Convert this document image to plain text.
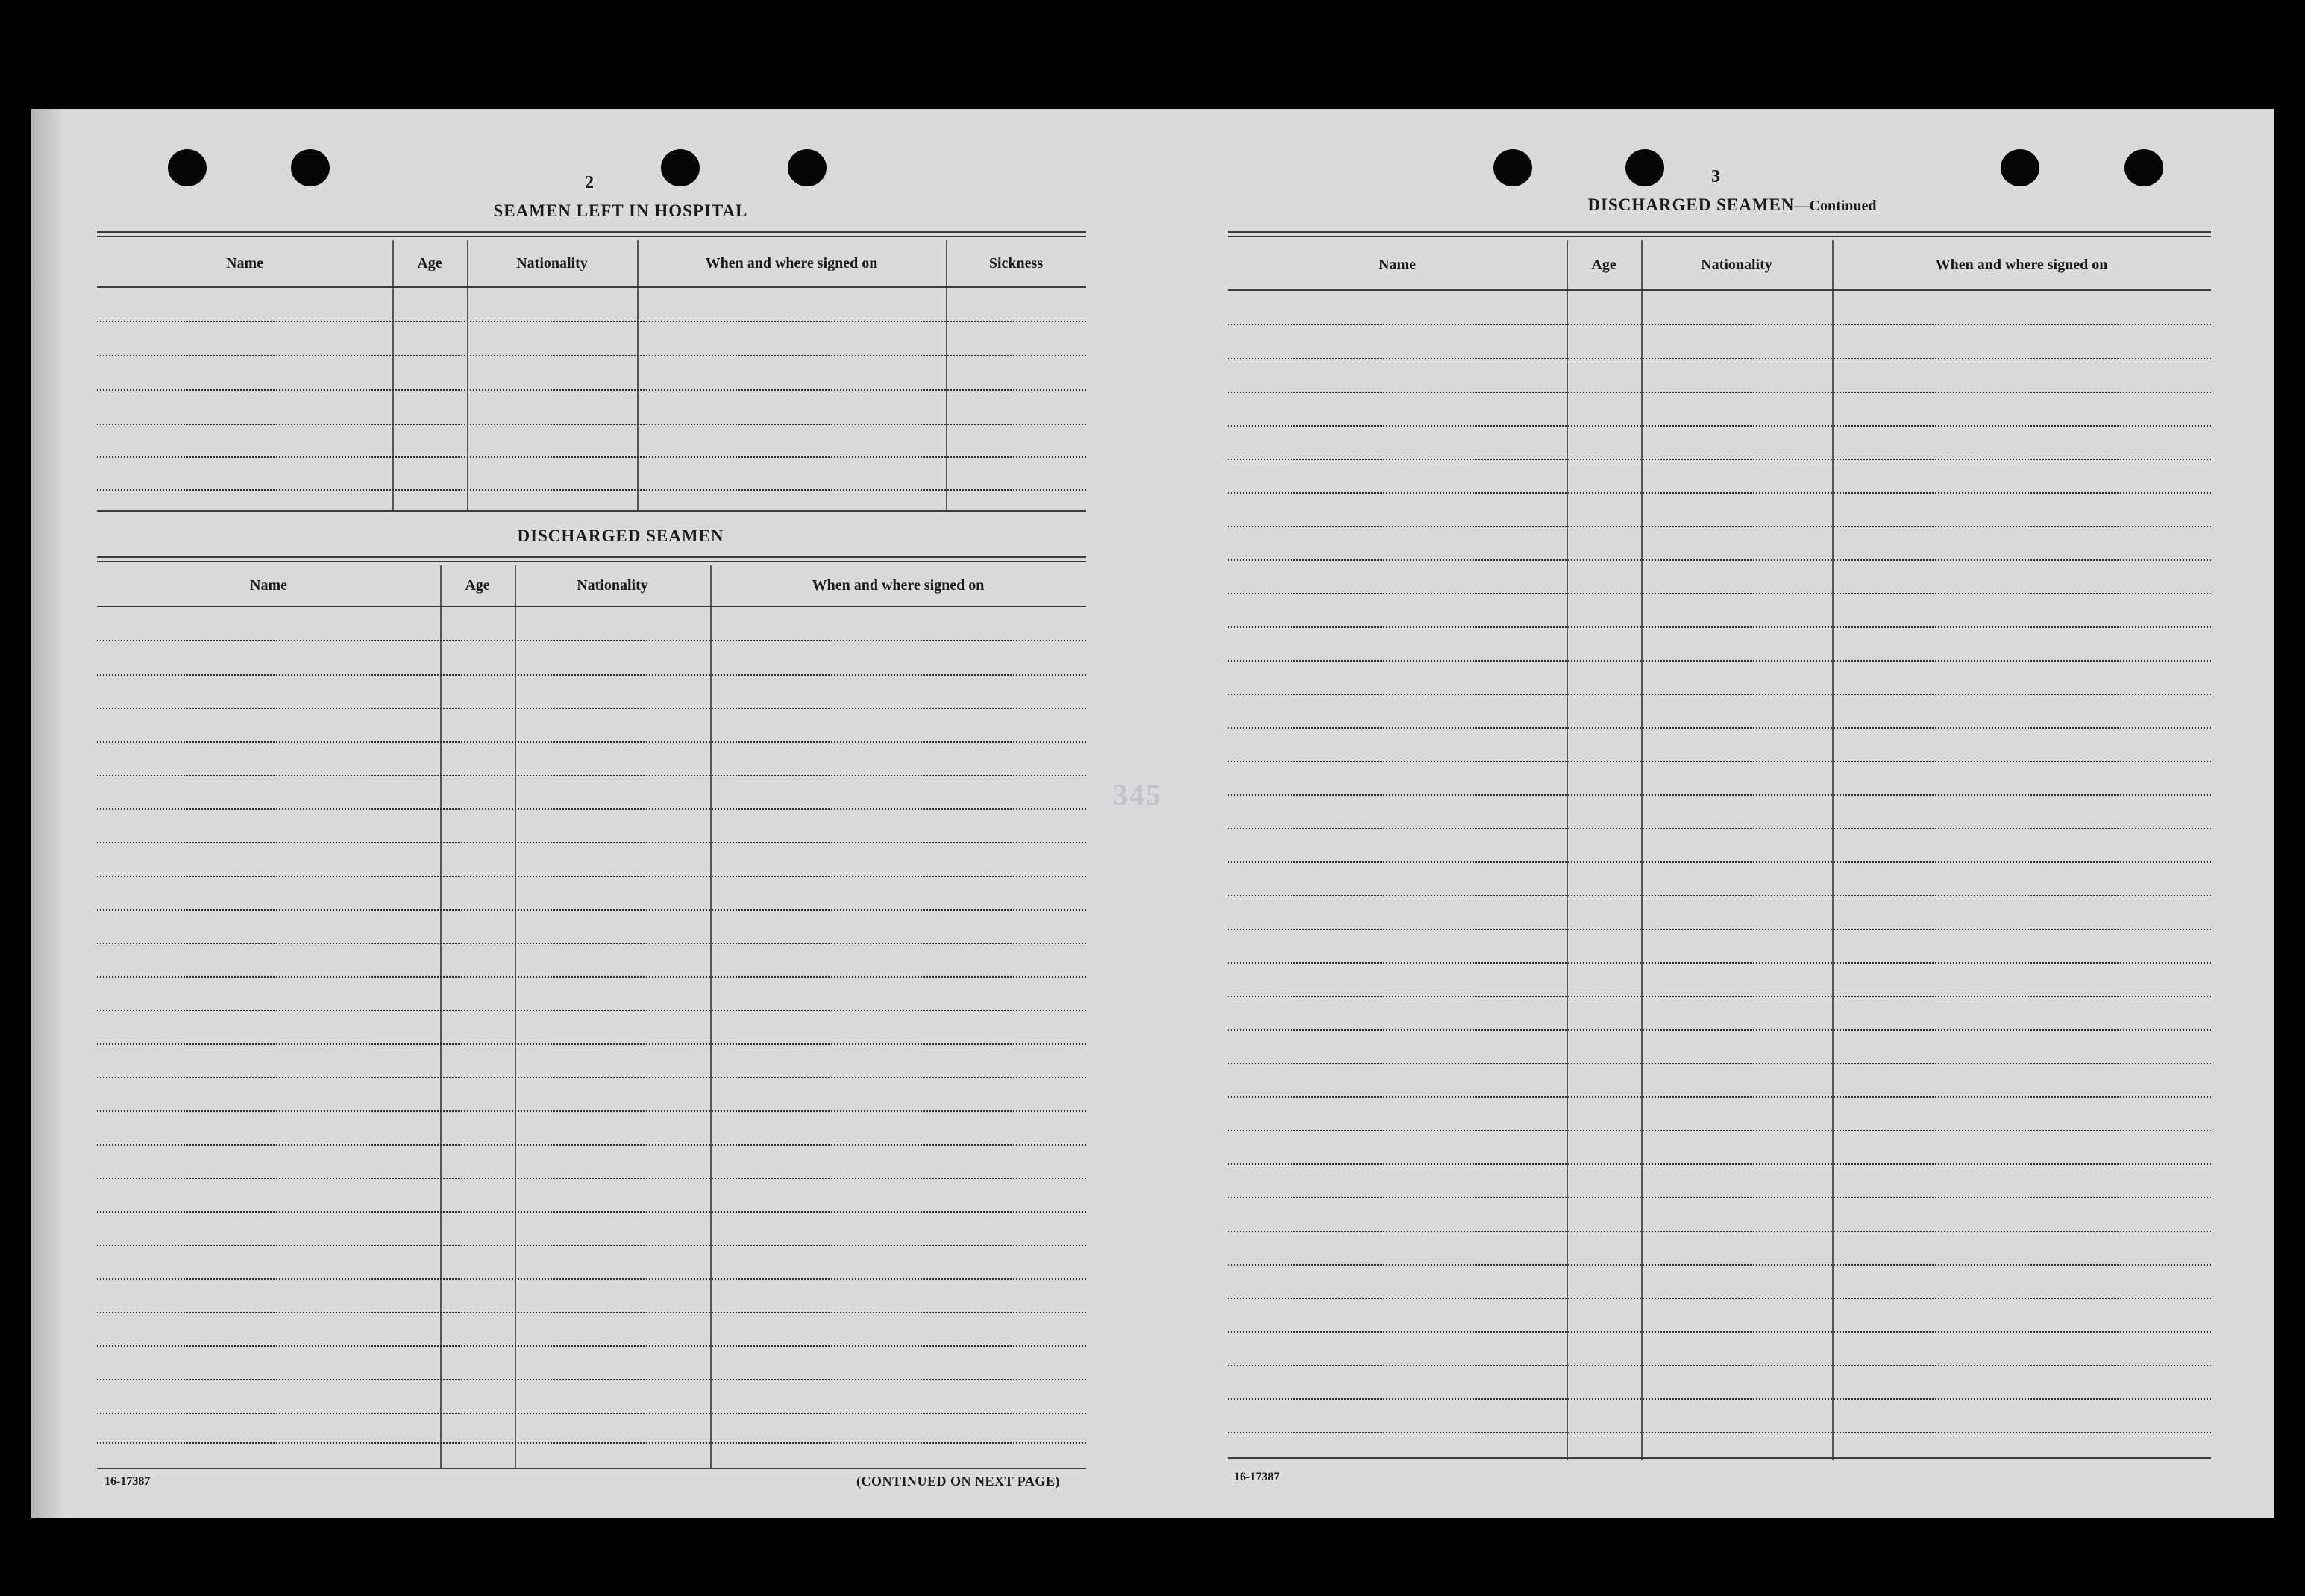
2
SEAMEN LEFT IN HOSPITAL
Name	Age	Nationality	When and where signed on	Sickness
DISCHARGED SEAMEN
Name	Age	Nationality	When and where signed on
16-17387	(CONTINUED ON NEXT PAGE)
345
3
DISCHARGED SEAMEN—Continued
Name	Age	Nationality	When and where signed on
16-17387
